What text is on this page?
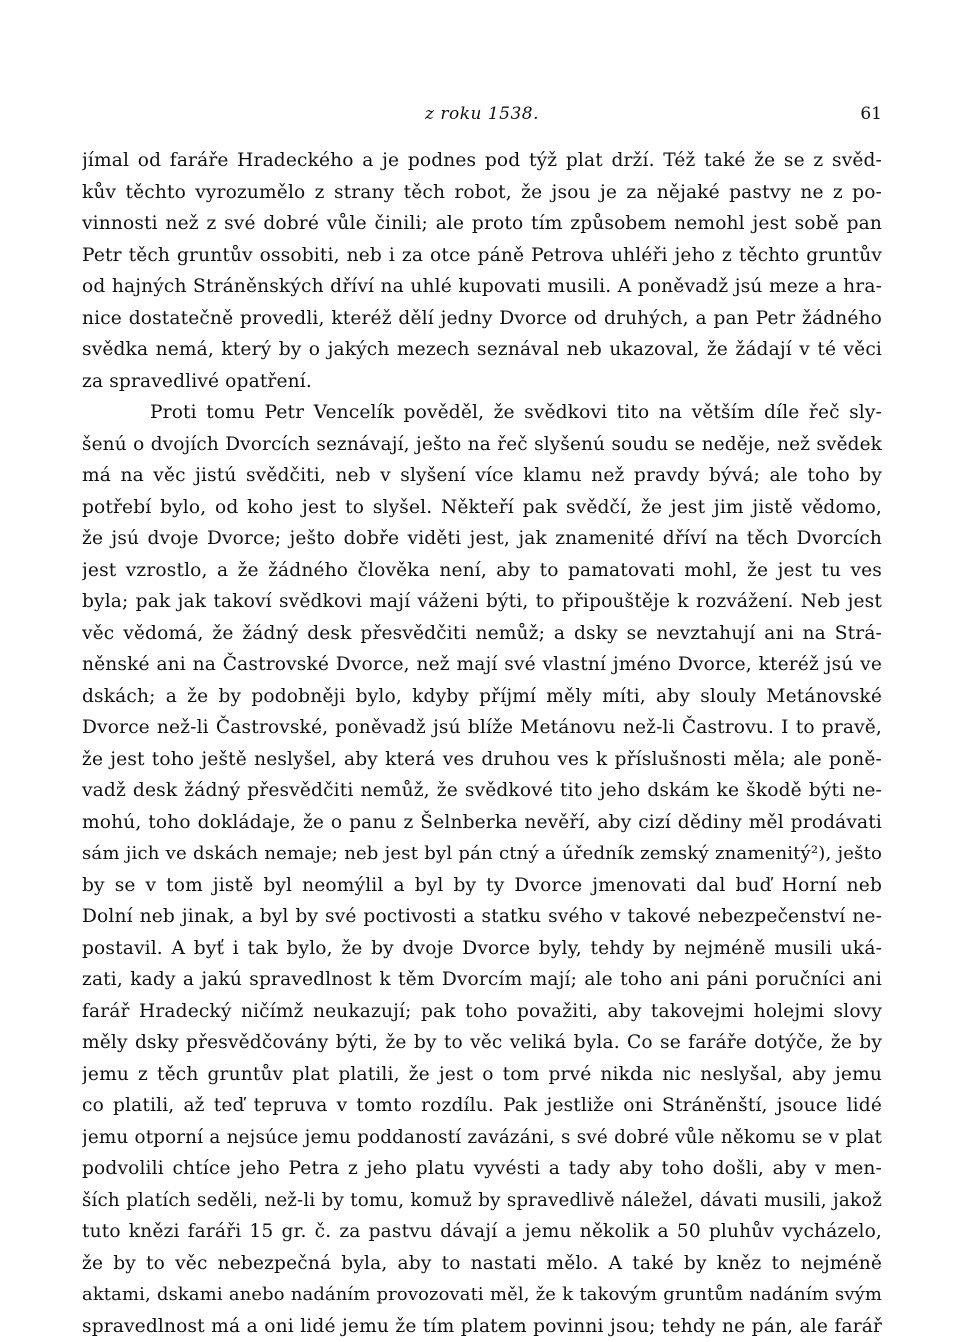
z roku 1538.	61
jímal od faráře Hradeckého a je podnes pod týž plat drží. Též také že se z svěd-
kův těchto vyrozumělo z strany těch robot, že jsou je za nějaké pastvy ne z po-
vinnosti než z své dobré vůle činili; ale proto tím způsobem nemohl jest sobě pan
Petr těch gruntův ossobiti, neb i za otce páně Petrova uhléři jeho z těchto gruntův
od hajných Stráněnských dříví na uhlé kupovati musili. A poněvadž jsú meze a hra-
nice dostatečně provedli, kteréž dělí jedny Dvorce od druhých, a pan Petr žádného
svědka nemá, který by o jakých mezech seznával neb ukazoval, že žádají v té věci
za spravedlivé opatření.
Proti tomu Petr Vencelík pověděl, že svědkovi tito na větším díle řeč sly-
šenú o dvojích Dvorcích seznávají, ješto na řeč slyšenú soudu se neděje, než svědek
má na věc jistú svědčiti, neb v slyšení více klamu než pravdy bývá; ale toho by
potřebí bylo, od koho jest to slyšel. Někteří pak svědčí, že jest jim jistě vědomo,
že jsú dvoje Dvorce; ješto dobře viděti jest, jak znamenité dříví na těch Dvorcích
jest vzrostlo, a že žádného člověka není, aby to pamatovati mohl, že jest tu ves
byla; pak jak takoví svědkovi mají váženi býti, to připouštěje k rozvážení. Neb jest
věc vědomá, že žádný desk přesvědčiti nemůž; a dsky se nevztahují ani na Strá-
něnské ani na Častrovské Dvorce, než mají své vlastní jméno Dvorce, kteréž jsú ve
dskách; a že by podobněji bylo, kdyby příjmí měly míti, aby slouly Metánovské
Dvorce než-li Častrovské, poněvadž jsú blíže Metánovu než-li Častrovu. I to pravě,
že jest toho ještě neslyšel, aby která ves druhou ves k příslušnosti měla; ale poně-
vadž desk žádný přesvědčiti nemůž, že svědkové tito jeho dskám ke škodě býti ne-
mohú, toho dokládaje, že o panu z Šelnberka nevěří, aby cizí dědiny měl prodávati
sám jich ve dskách nemaje; neb jest byl pán ctný a úředník zemský znamenitý²), ješto
by se v tom jistě byl neomýlil a byl by ty Dvorce jmenovati dal buď Horní neb
Dolní neb jinak, a byl by své poctivosti a statku svého v takové nebezpečenství ne-
postavil. A byť i tak bylo, že by dvoje Dvorce byly, tehdy by nejméně musili uká-
zati, kady a jakú spravedlnost k těm Dvorcím mají; ale toho ani páni poručníci ani
farář Hradecký ničímž neukazují; pak toho považiti, aby takovejmi holejmi slovy
měly dsky přesvědčovány býti, že by to věc veliká byla. Co se faráře dotýče, že by
jemu z těch gruntův plat platili, že jest o tom prvé nikda nic neslyšal, aby jemu
co platili, až teď tepruva v tomto rozdílu. Pak jestliže oni Stráněnští, jsouce lidé
jemu otporní a nejsúce jemu poddaností zavázáni, s své dobré vůle někomu se v plat
podvolili chtíce jeho Petra z jeho platu vyvésti a tady aby toho došli, aby v men-
ších platích seděli, než-li by tomu, komuž by spravedlivě náležel, dávati musili, jakož
tuto knězi faráři 15 gr. č. za pastvu dávají a jemu několik a 50 pluhův vycházelo,
že by to věc nebezpečná byla, aby to nastati mělo. A také by kněz to nejméně
aktami, dskami anebo nadáním provozovati měl, že k takovým gruntům nadáním svým
spravedlnost má a oni lidé jemu že tím platem povinni jsou; tehdy ne pán, ale farář
